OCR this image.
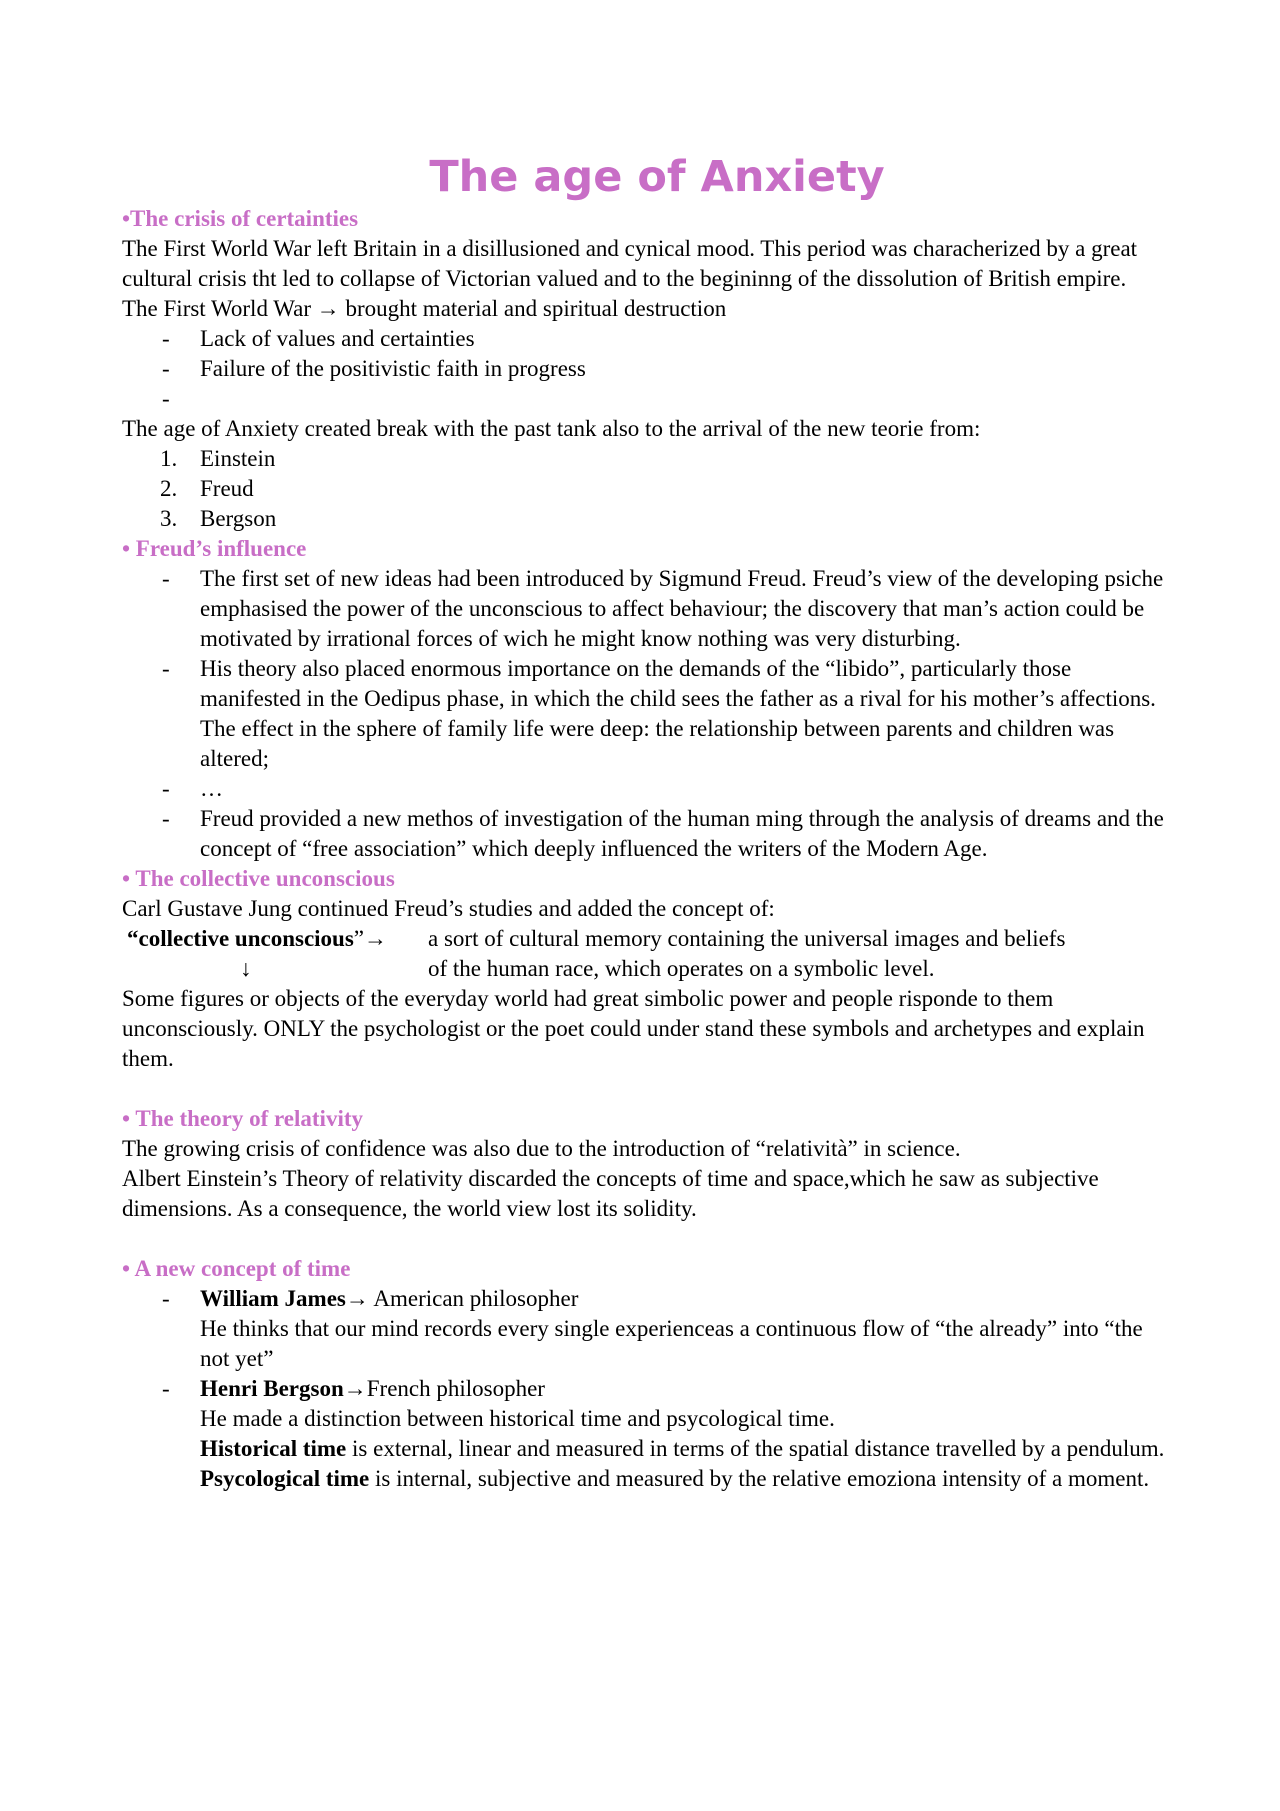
The age of Anxiety
•The crisis of certainties
The First World War left Britain in a disillusioned and cynical mood. This period was characherized by a great cultural crisis tht led to collapse of Victorian valued and to the begininng of the dissolution of British empire.
The First World War → brought material and spiritual destruction
- Lack of values and certainties
- Failure of the positivistic faith in progress
-
The age of Anxiety created break with the past tank also to the arrival of the new teorie from:
1. Einstein
2. Freud
3. Bergson
• Freud’s influence
- The first set of new ideas had been introduced by Sigmund Freud. Freud’s view of the developing psiche emphasised the power of the unconscious to affect behaviour; the discovery that man’s action could be motivated by irrational forces of wich he might know nothing was very disturbing.
- His theory also placed enormous importance on the demands of the “libido”, particularly those manifested in the Oedipus phase, in which the child sees the father as a rival for his mother’s affections. The effect in the sphere of family life were deep: the relationship between parents and children was altered;
- …
- Freud provided a new methos of investigation of the human ming through the analysis of dreams and the concept of “free association” which deeply influenced the writers of the Modern Age.
• The collective unconscious
Carl Gustave Jung continued Freud’s studies and added the concept of:
“collective unconscious”→	a sort of cultural memory containing the universal images and beliefs
↓	of the human race, which operates on a symbolic level.
Some figures or objects of the everyday world had great simbolic power and people risponde to them unconsciously. ONLY the psychologist or the poet could under stand these symbols and archetypes and explain them.
• The theory of relativity
The growing crisis of confidence was also due to the introduction of “relatività” in science.
Albert Einstein’s Theory of relativity discarded the concepts of time and space,which he saw as subjective dimensions. As a consequence, the world view lost its solidity.
• A new concept of time
- William James→ American philosopher
He thinks that our mind records every single experienceas a continuous flow of “the already” into “the not yet”
- Henri Bergson→French philosopher
He made a distinction between historical time and psycological time.
Historical time is external, linear and measured in terms of the spatial distance travelled by a pendulum.
Psycological time is internal, subjective and measured by the relative emoziona intensity of a moment.
